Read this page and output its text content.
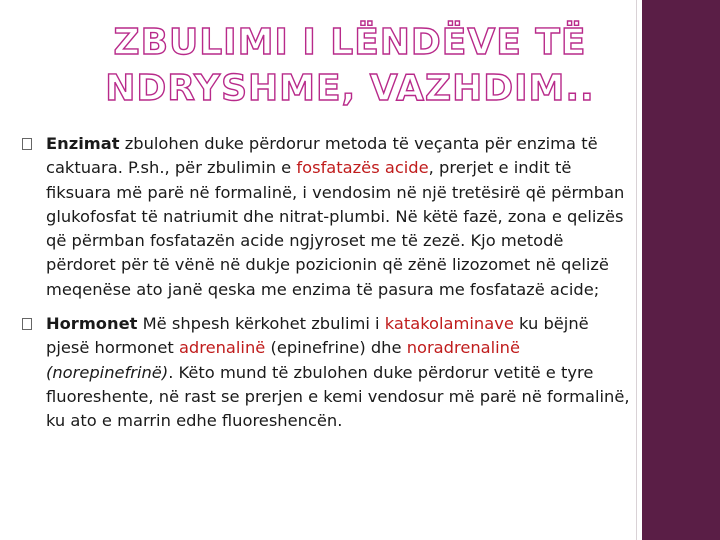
ZBULIMI I LËNDËVE TË NDRYSHME, VAZHDIM..

Enzimat zbulohen duke përdorur metoda të veçanta për enzima të caktuara. P.sh., për zbulimin e fosfatazës acide, prerjet e indit të fiksuara më parë në formalinë, i vendosim në një tretësirë që përmban glukofosfat të natriumit dhe nitrat-plumbi. Në këtë fazë, zona e qelizës që përmban fosfatazën acide ngjyroset me të zezë. Kjo metodë përdoret për të vënë në dukje pozicionin që zënë lizozomet në qelizë meqenëse ato janë qeska me enzima të pasura me fosfatazë acide;

Hormonet Më shpesh kërkohet zbulimi i katakolaminave ku bëjnë pjesë hormonet adrenalinë (epinefrine) dhe noradrenalinë (norepinefrinë). Këto mund të zbulohen duke përdorur vetitë e tyre fluoreshente, në rast se prerjen e kemi vendosur më parë në formalinë, ku ato e marrin edhe fluoreshencën.
